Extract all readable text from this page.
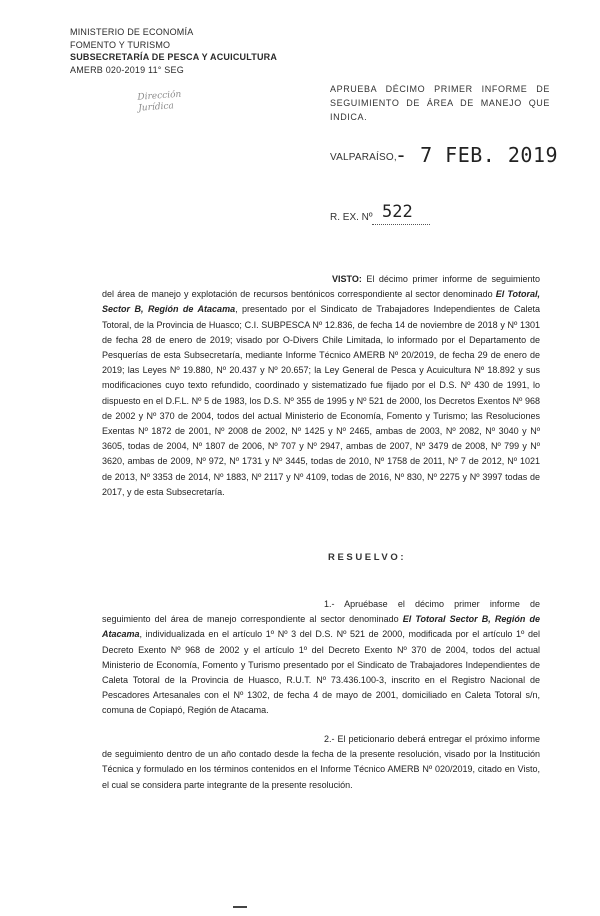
MINISTERIO DE ECONOMÍA
FOMENTO Y TURISMO
SUBSECRETARÍA DE PESCA Y ACUICULTURA
AMERB 020-2019 11° SEG
Dirección
Jurídica
APRUEBA DÉCIMO PRIMER INFORME DE SEGUIMIENTO DE ÁREA DE MANEJO QUE INDICA.
VALPARAÍSO,
- 7 FEB. 2019
R. EX. Nº 522
VISTO: El décimo primer informe de seguimiento del área de manejo y explotación de recursos bentónicos correspondiente al sector denominado El Totoral, Sector B, Región de Atacama, presentado por el Sindicato de Trabajadores Independientes de Caleta Totoral, de la Provincia de Huasco; C.I. SUBPESCA Nº 12.836, de fecha 14 de noviembre de 2018 y Nº 1301 de fecha 28 de enero de 2019; visado por O-Divers Chile Limitada, lo informado por el Departamento de Pesquerías de esta Subsecretaría, mediante Informe Técnico AMERB Nº 20/2019, de fecha 29 de enero de 2019; las Leyes Nº 19.880, Nº 20.437 y Nº 20.657; la Ley General de Pesca y Acuicultura Nº 18.892 y sus modificaciones cuyo texto refundido, coordinado y sistematizado fue fijado por el D.S. Nº 430 de 1991, lo dispuesto en el D.F.L. Nº 5 de 1983, los D.S. Nº 355 de 1995 y Nº 521 de 2000, los Decretos Exentos Nº 968 de 2002 y Nº 370 de 2004, todos del actual Ministerio de Economía, Fomento y Turismo; las Resoluciones Exentas Nº 1872 de 2001, Nº 2008 de 2002, Nº 1425 y Nº 2465, ambas de 2003, Nº 2082, Nº 3040 y Nº 3605, todas de 2004, Nº 1807 de 2006, Nº 707 y Nº 2947, ambas de 2007, Nº 3479 de 2008, Nº 799 y Nº 3620, ambas de 2009, Nº 972, Nº 1731 y Nº 3445, todas de 2010, Nº 1758 de 2011, Nº 7 de 2012, Nº 1021 de 2013, Nº 3353 de 2014, Nº 1883, Nº 2117 y Nº 4109, todas de 2016, Nº 830, Nº 2275 y Nº 3997 todas de 2017, y de esta Subsecretaría.
RESUELVO:
1.- Apruébase el décimo primer informe de seguimiento del área de manejo correspondiente al sector denominado El Totoral Sector B, Región de Atacama, individualizada en el artículo 1º Nº 3 del D.S. Nº 521 de 2000, modificada por el artículo 1º del Decreto Exento Nº 968 de 2002 y el artículo 1º del Decreto Exento Nº 370 de 2004, todos del actual Ministerio de Economía, Fomento y Turismo presentado por el Sindicato de Trabajadores Independientes de Caleta Totoral de la Provincia de Huasco, R.U.T. Nº 73.436.100-3, inscrito en el Registro Nacional de Pescadores Artesanales con el Nº 1302, de fecha 4 de mayo de 2001, domiciliado en Caleta Totoral s/n, comuna de Copiapó, Región de Atacama.
2.- El peticionario deberá entregar el próximo informe de seguimiento dentro de un año contado desde la fecha de la presente resolución, visado por la Institución Técnica y formulado en los términos contenidos en el Informe Técnico AMERB Nº 020/2019, citado en Visto, el cual se considera parte integrante de la presente resolución.
